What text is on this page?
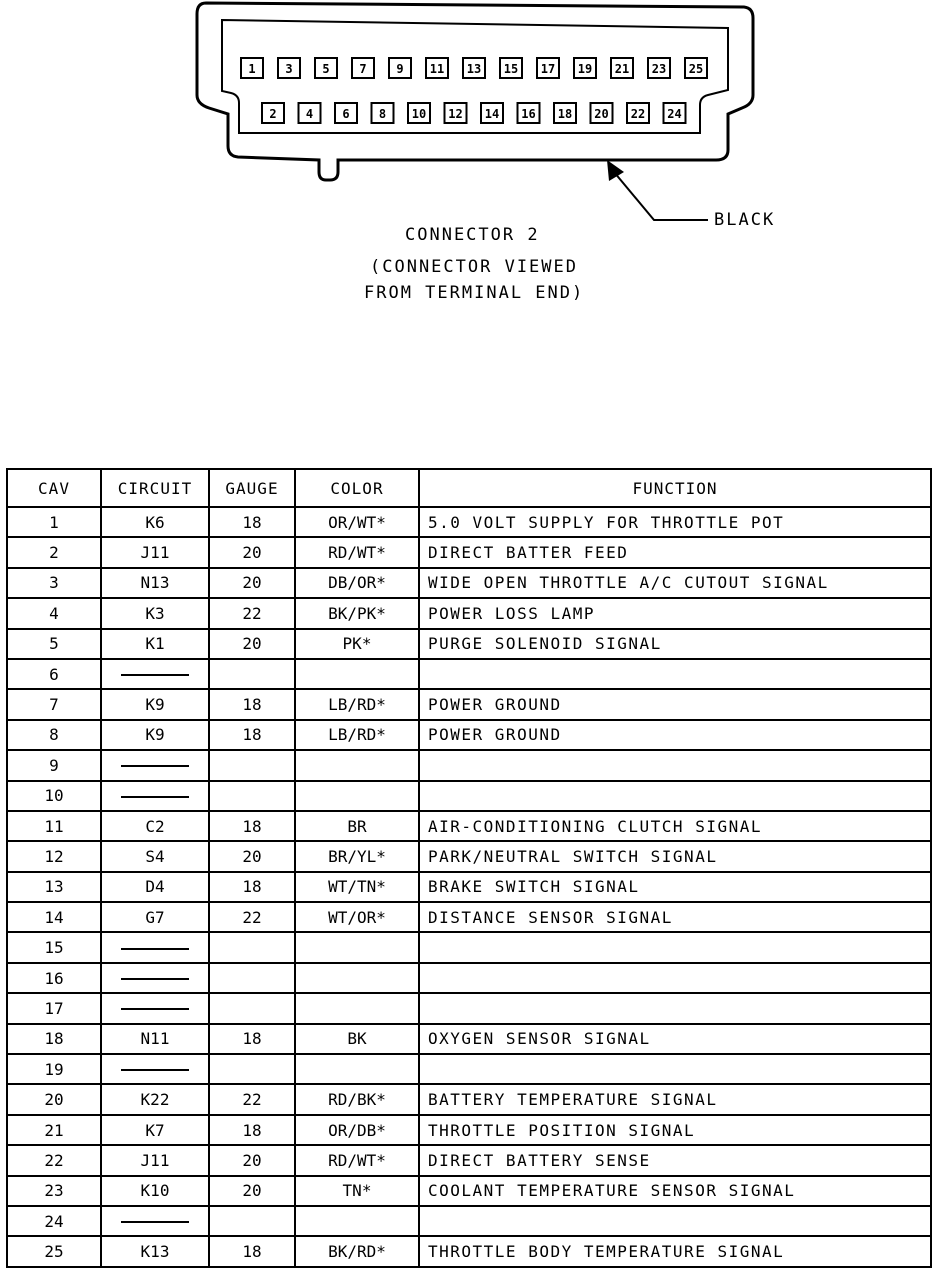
1 3 5 7 9 11 13 15 17 19 21 23 25
2 4 6 8 10 12 14 16 18 20 22 24
BLACK
CONNECTOR 2
(CONNECTOR VIEWED
FROM TERMINAL END)
CAV	CIRCUIT	GAUGE	COLOR	FUNCTION
1	K6	18	OR/WT*	5.0 VOLT SUPPLY FOR THROTTLE POT
2	J11	20	RD/WT*	DIRECT BATTER FEED
3	N13	20	DB/OR*	WIDE OPEN THROTTLE A/C CUTOUT SIGNAL
4	K3	22	BK/PK*	POWER LOSS LAMP
5	K1	20	PK*	PURGE SOLENOID SIGNAL
6				
7	K9	18	LB/RD*	POWER GROUND
8	K9	18	LB/RD*	POWER GROUND
9				
10				
11	C2	18	BR	AIR-CONDITIONING CLUTCH SIGNAL
12	S4	20	BR/YL*	PARK/NEUTRAL SWITCH SIGNAL
13	D4	18	WT/TN*	BRAKE SWITCH SIGNAL
14	G7	22	WT/OR*	DISTANCE SENSOR SIGNAL
15				
16				
17				
18	N11	18	BK	OXYGEN SENSOR SIGNAL
19				
20	K22	22	RD/BK*	BATTERY TEMPERATURE SIGNAL
21	K7	18	OR/DB*	THROTTLE POSITION SIGNAL
22	J11	20	RD/WT*	DIRECT BATTERY SENSE
23	K10	20	TN*	COOLANT TEMPERATURE SENSOR SIGNAL
24				
25	K13	18	BK/RD*	THROTTLE BODY TEMPERATURE SIGNAL
